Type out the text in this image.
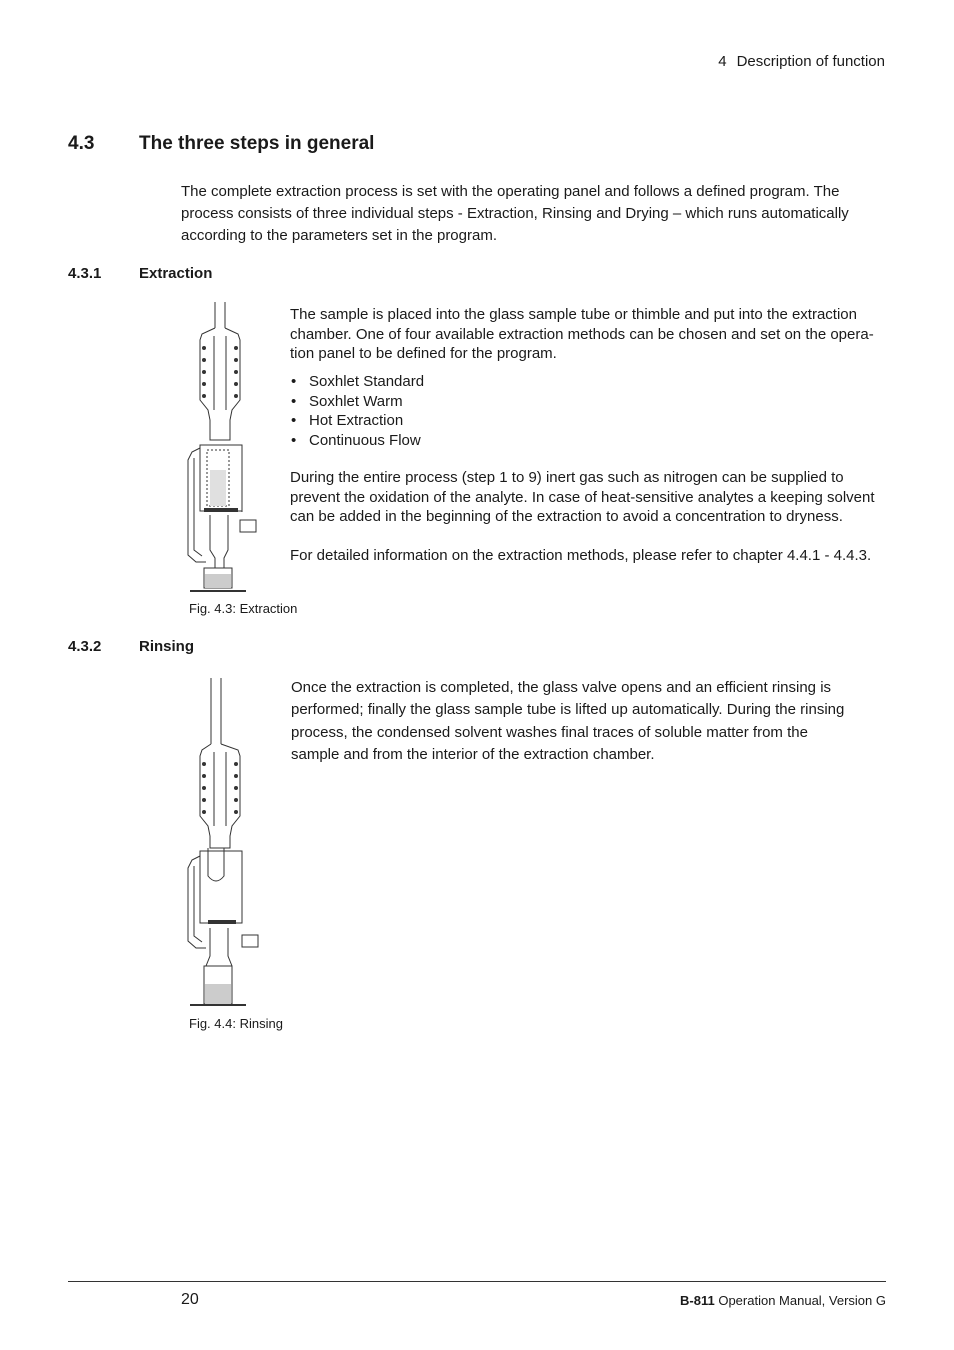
4 Description of function
4.3 The three steps in general
The complete extraction process is set with the operating panel and follows a defined program. The process consists of three individual steps - Extraction, Rinsing and Drying – which runs automatically according to the parameters set in the program.
4.3.1	Extraction
The sample is placed into the glass sample tube or thimble and put into the extraction
chamber. One of four available extraction methods can be chosen and set on the opera-
tion panel to be defined for the program.
• Soxhlet Standard
• Soxhlet Warm
• Hot Extraction
• Continuous Flow
During the entire process (step 1 to 9) inert gas such as nitrogen can be supplied to
prevent the oxidation of the analyte. In case of heat-sensitive analytes a keeping solvent
can be added in the beginning of the extraction to avoid a concentration to dryness.
For detailed information on the extraction methods, please refer to chapter 4.4.1 - 4.4.3.
Fig. 4.3: Extraction
4.3.2	Rinsing
Once the extraction is completed, the glass valve opens and an efficient rinsing is
performed; finally the glass sample tube is lifted up automatically. During the rinsing
process, the condensed solvent washes final traces of soluble matter from the
sample and from the interior of the extraction chamber.
Fig. 4.4: Rinsing
20	B-811 Operation Manual, Version G
